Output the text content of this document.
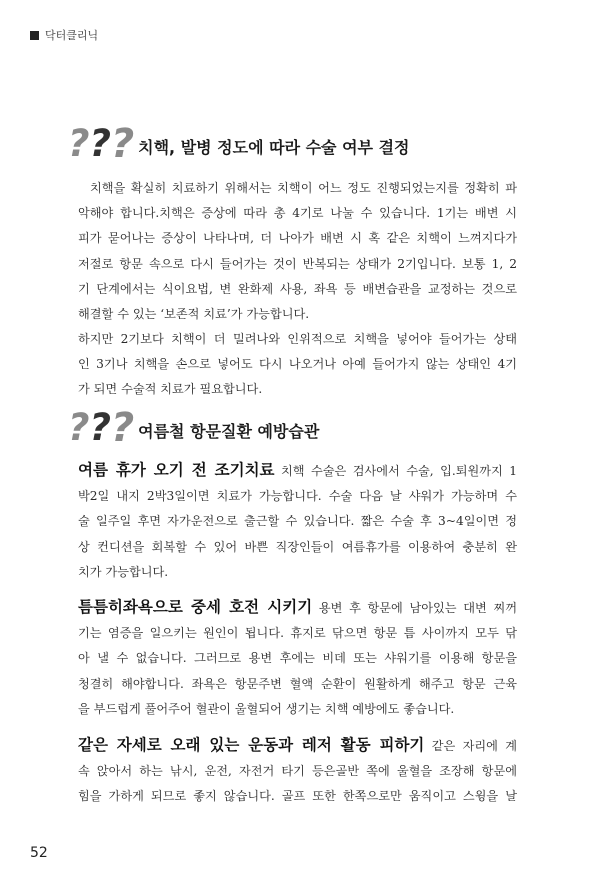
닥터클리닉
? ? ? 치핵, 발병 정도에 따라 수술 여부 결정
치핵을 확실히 치료하기 위해서는 치핵이 어느 정도 진행되었는지를 정확히 파
악해야 합니다.치핵은 증상에 따라 총 4기로 나눌 수 있습니다. 1기는 배변 시
피가 묻어나는 증상이 나타나며, 더 나아가 배변 시 혹 같은 치핵이 느껴지다가
저절로 항문 속으로 다시 들어가는 것이 반복되는 상태가 2기입니다. 보통 1, 2
기 단계에서는 식이요법, 변 완화제 사용, 좌욕 등 배변습관을 교정하는 것으로
해결할 수 있는 ‘보존적 치료’가 가능합니다.
하지만 2기보다 치핵이 더 밀려나와 인위적으로 치핵을 넣어야 들어가는 상태
인 3기나 치핵을 손으로 넣어도 다시 나오거나 아예 들어가지 않는 상태인 4기
가 되면 수술적 치료가 필요합니다.
? ? ? 여름철 항문질환 예방습관
여름 휴가 오기 전 조기치료 치핵 수술은 검사에서 수술, 입.퇴원까지 1
박2일 내지 2박3일이면 치료가 가능합니다. 수술 다음 날 샤워가 가능하며 수
술 일주일 후면 자가운전으로 출근할 수 있습니다. 짧은 수술 후 3~4일이면 정
상 컨디션을 회복할 수 있어 바쁜 직장인들이 여름휴가를 이용하여 충분히 완
치가 가능합니다.
틈틈히좌욕으로 중세 호전 시키기 용변 후 항문에 남아있는 대변 찌꺼
기는 염증을 일으키는 원인이 됩니다. 휴지로 닦으면 항문 틈 사이까지 모두 닦
아 낼 수 없습니다. 그러므로 용변 후에는 비데 또는 샤워기를 이용해 항문을
청결히 해야합니다. 좌욕은 항문주변 혈액 순환이 원활하게 해주고 항문 근육
을 부드럽게 풀어주어 혈관이 울혈되어 생기는 치핵 예방에도 좋습니다.
같은 자세로 오래 있는 운동과 레저 활동 피하기 같은 자리에 계
속 앉아서 하는 낚시, 운전, 자전거 타기 등은골반 쪽에 울혈을 조장해 항문에
힘을 가하게 되므로 좋지 않습니다. 골프 또한 한쪽으로만 움직이고 스윙을 날
52
